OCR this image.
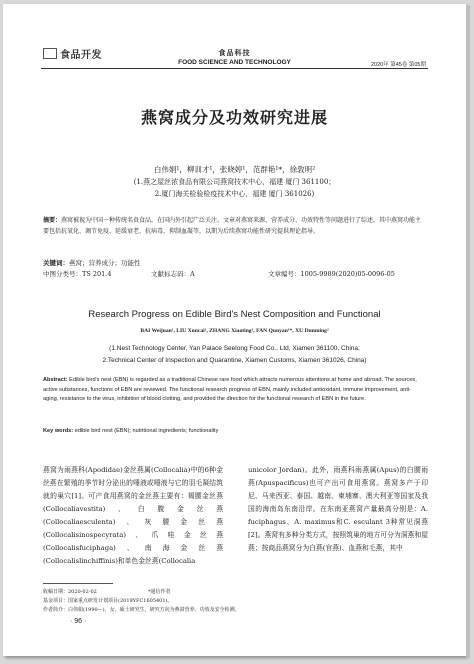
食品开发	食品科技
FOOD SCIENCE AND TECHNOLOGY	2020年 第45卷 第05期
燕窝成分及功效研究进展
白伟娟¹，柳训才¹，张晓婷¹，范群艳¹*，徐敦明²
(1.燕之屋丝浓食品有限公司燕窝技术中心，福建 厦门 361100；
2.厦门海关检验检疫技术中心，福建 厦门 361026)
摘要：燕窝被视为中国一种传统名贵食品，在国内外引起广泛关注。文章对燕窝来源、营养成分、功效特性等问题进行了综述，其中燕窝功能主要包括抗氧化、调节免疫、延缓衰老、抗病毒、抑制血凝等，以期为后续燕窝功能性研究提供理论指导。
关键词：燕窝；营养成分；功能性
中图分类号：TS 201.4	文献标志码：A	文章编号：1005-9989(2020)05-0096-05
Research Progress on Edible Bird's Nest Composition and Functional
BAI Weijuan¹, LIU Xuncai¹, ZHANG Xiaoting¹, FAN Qunyan¹*, XU Dunming²
(1.Nest Technology Center, Yan Palace Seelong Food Co., Ltd, Xiamen 361100, China;
2.Technical Center of Inspection and Quarantine, Xiamen Customs, Xiamen 361026, China)
Abstract: Edible bird's nest (EBN) is regarded as a traditional Chinese rare food which attracts numerous attentions at home and abroad. The sources, active substances, functions of EBN are reviewed. The functional research progress of EBN, mainly included antioxidant, immune improvement, anti-aging, resistance to the virus, inhibition of blood clotting, and provided the direction for the functional research of EBN in the future.
Key words: edible bird nest (EBN); nutritional ingredients; functionality
燕窝为雨燕科(Apodidae)金丝燕属(Collocalia)中的6种金丝燕在繁殖的季节时分泌出的唾液或唾液与它的羽毛凝结筑就的巢穴[1]。可产食用燕窝的金丝燕主要有：褐腰金丝燕(Collocaliavestita)、白腹金丝燕(Collocaliaesculenta)、灰腰金丝燕(Collocalisinospecyrata)、爪哇金丝燕(Collocalisfuciphaga)、南海金丝燕(Collocalislinchiffinis)和单色金丝燕(Collocalia
unicolor Jordan)。此外，雨燕科雨燕属(Apus)的白腰雨燕(Apuspacificus)也可产出可食用燕窝。燕窝多产于印尼、马来西亚、泰国、越南、柬埔寨、澳大利亚等国家及我国的海南岛东南沿岸。在东南亚燕窝产量最高分别是：A. fuciphagus、A. maximus和C. esculant 3种常见洞燕[2]。燕窝有多种分类方式，按照筑巢的地方可分为洞燕和屋燕；按商品燕窝分为白燕(官燕)、血燕和毛燕，其中
收稿日期：2020-02-02	*通信作者
基金项目：国家重点研发计划项目(2019YFC1605401)。
作者简介：白伟娟(1990—)，女，硕士研究生，研究方向为燕窝营养、功效及安全检测。
· 96 ·
